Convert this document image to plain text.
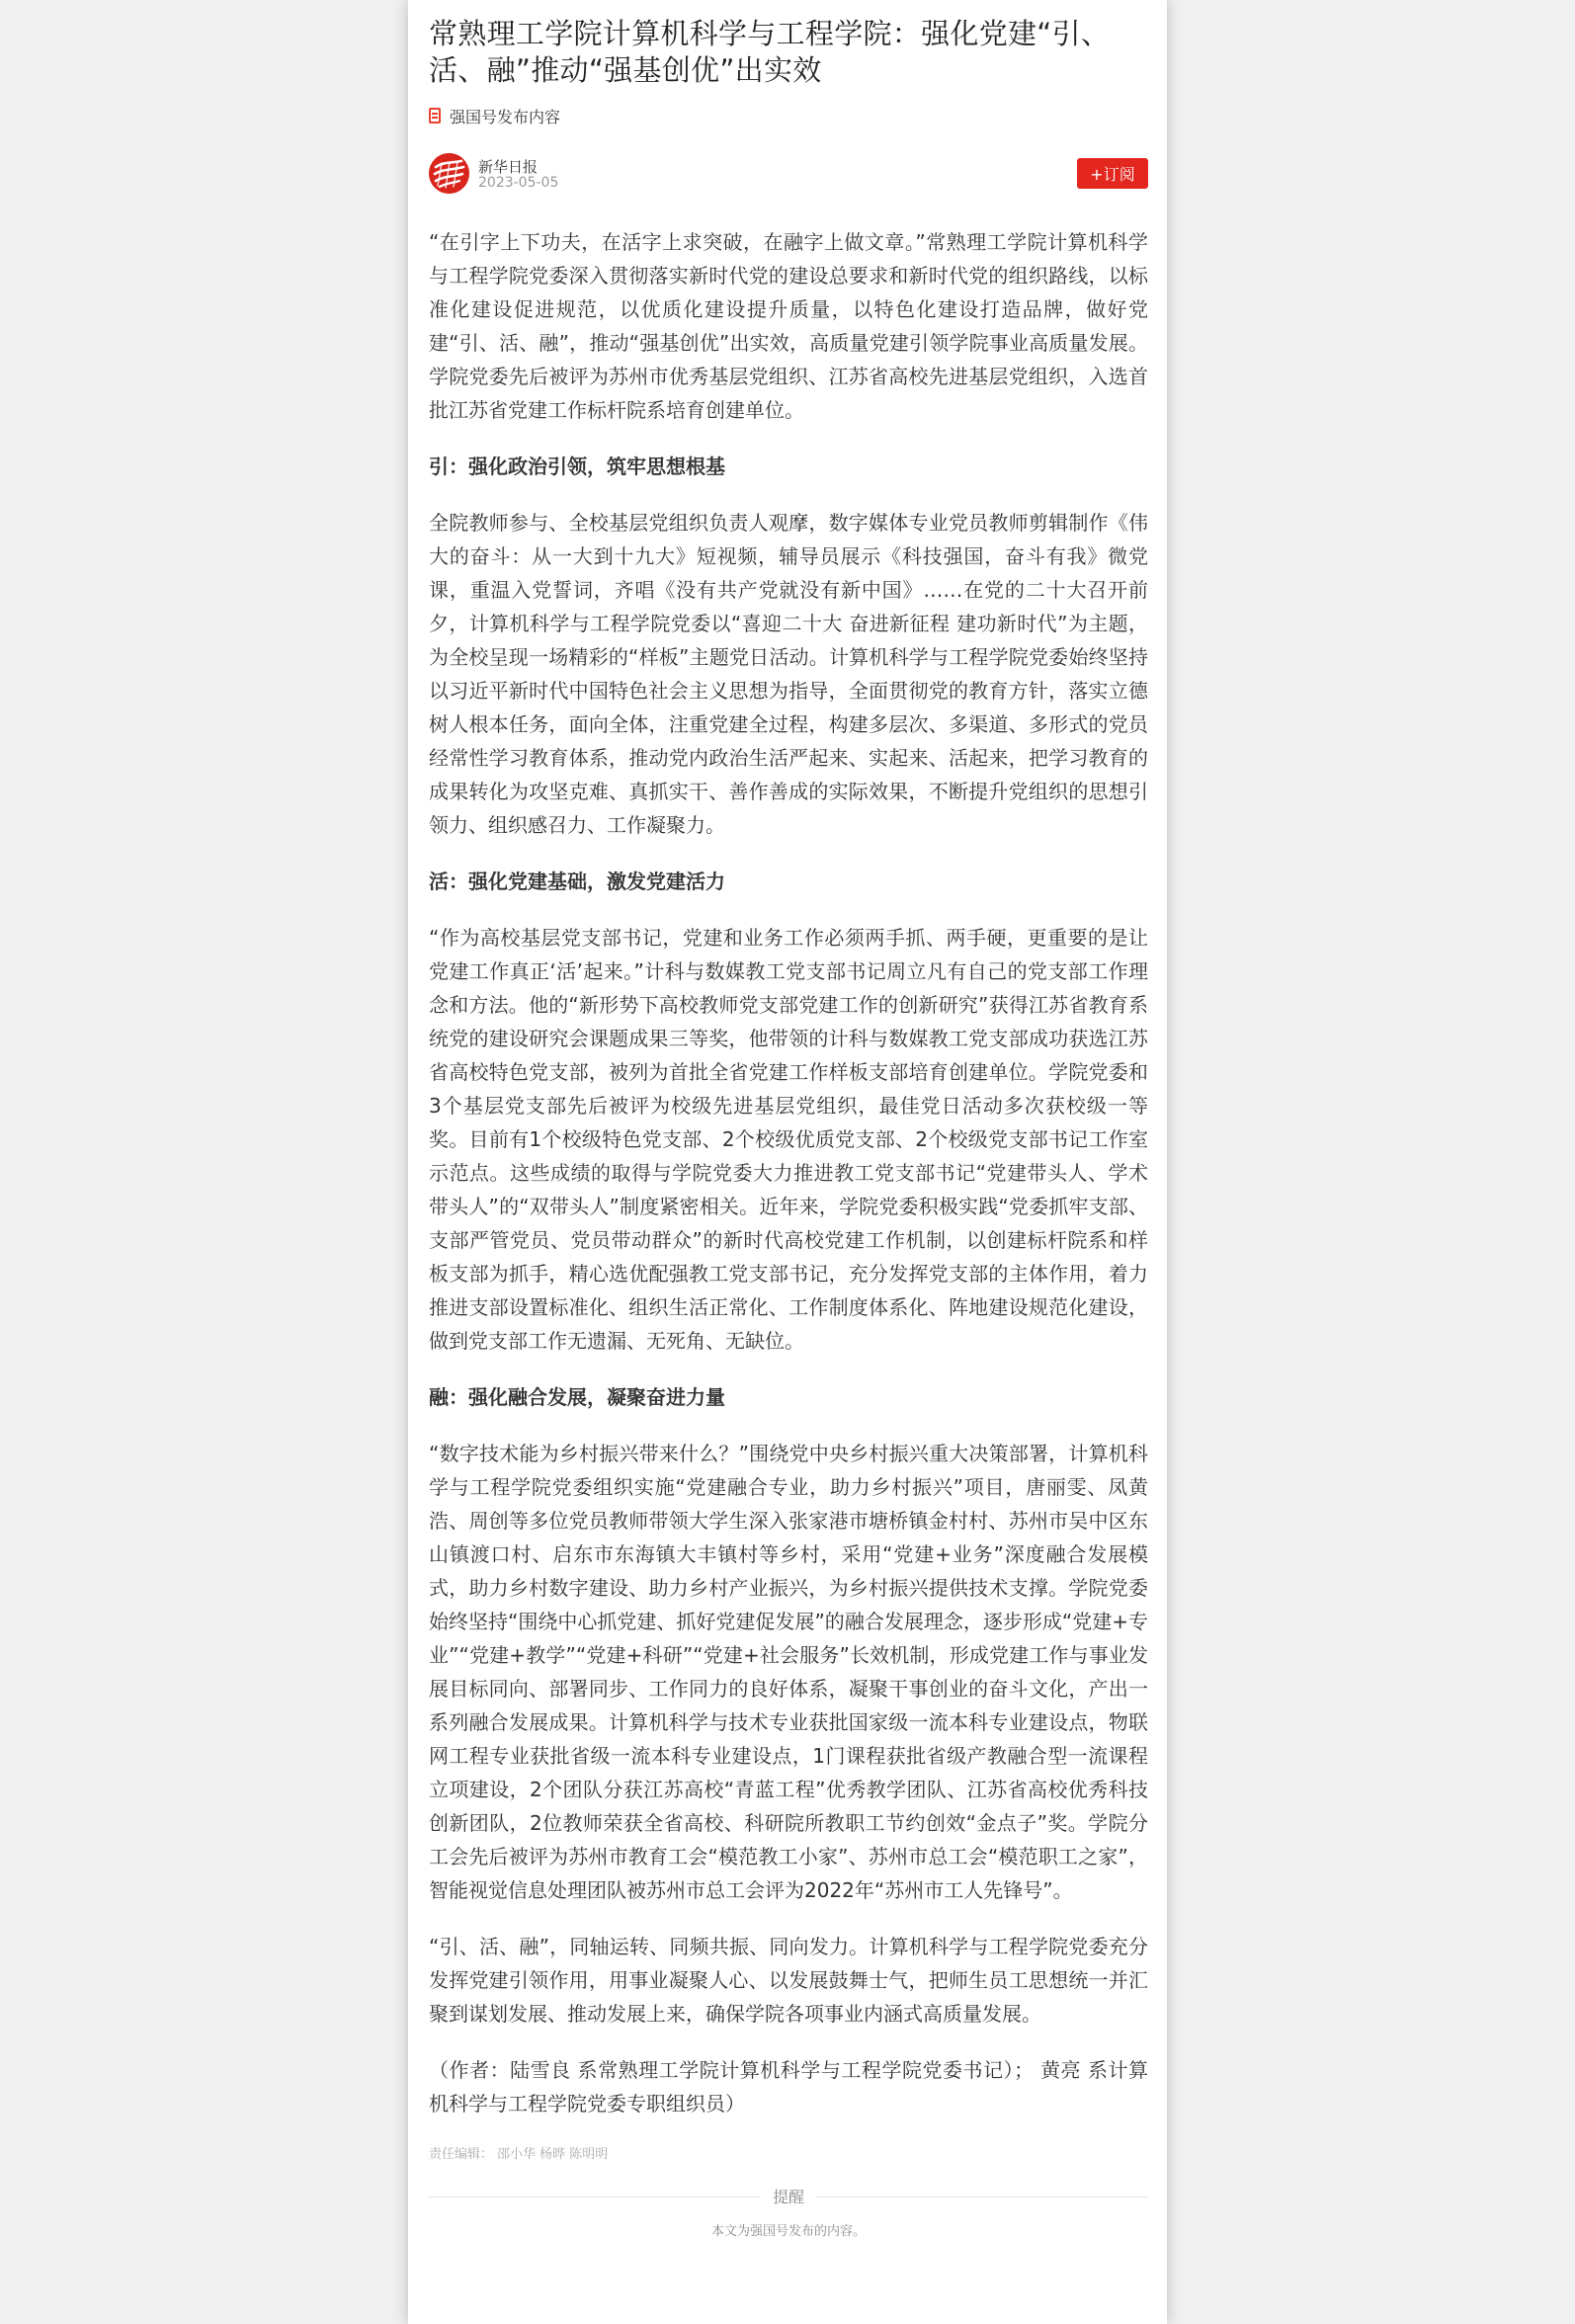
常熟理工学院计算机科学与工程学院：强化党建“引、活、融”推动“强基创优”出实效
强国号发布内容
新华日报
2023-05-05	+订阅

“在引字上下功夫，在活字上求突破，在融字上做文章。”常熟理工学院计算机科学与工程学院党委深入贯彻落实新时代党的建设总要求和新时代党的组织路线，以标准化建设促进规范，以优质化建设提升质量，以特色化建设打造品牌，做好党建“引、活、融”，推动“强基创优”出实效，高质量党建引领学院事业高质量发展。学院党委先后被评为苏州市优秀基层党组织、江苏省高校先进基层党组织，入选首批江苏省党建工作标杆院系培育创建单位。

引：强化政治引领，筑牢思想根基

全院教师参与、全校基层党组织负责人观摩，数字媒体专业党员教师剪辑制作《伟大的奋斗：从一大到十九大》短视频，辅导员展示《科技强国，奋斗有我》微党课，重温入党誓词，齐唱《没有共产党就没有新中国》……在党的二十大召开前夕，计算机科学与工程学院党委以“喜迎二十大 奋进新征程 建功新时代”为主题，为全校呈现一场精彩的“样板”主题党日活动。计算机科学与工程学院党委始终坚持以习近平新时代中国特色社会主义思想为指导，全面贯彻党的教育方针，落实立德树人根本任务，面向全体，注重党建全过程，构建多层次、多渠道、多形式的党员经常性学习教育体系，推动党内政治生活严起来、实起来、活起来，把学习教育的成果转化为攻坚克难、真抓实干、善作善成的实际效果，不断提升党组织的思想引领力、组织感召力、工作凝聚力。

活：强化党建基础，激发党建活力

“作为高校基层党支部书记，党建和业务工作必须两手抓、两手硬，更重要的是让党建工作真正‘活’起来。”计科与数媒教工党支部书记周立凡有自己的党支部工作理念和方法。他的“新形势下高校教师党支部党建工作的创新研究”获得江苏省教育系统党的建设研究会课题成果三等奖，他带领的计科与数媒教工党支部成功获选江苏省高校特色党支部，被列为首批全省党建工作样板支部培育创建单位。学院党委和3个基层党支部先后被评为校级先进基层党组织，最佳党日活动多次获校级一等奖。目前有1个校级特色党支部、2个校级优质党支部、2个校级党支部书记工作室示范点。这些成绩的取得与学院党委大力推进教工党支部书记“党建带头人、学术带头人”的“双带头人”制度紧密相关。近年来，学院党委积极实践“党委抓牢支部、支部严管党员、党员带动群众”的新时代高校党建工作机制，以创建标杆院系和样板支部为抓手，精心选优配强教工党支部书记，充分发挥党支部的主体作用，着力推进支部设置标准化、组织生活正常化、工作制度体系化、阵地建设规范化建设，做到党支部工作无遗漏、无死角、无缺位。

融：强化融合发展，凝聚奋进力量

“数字技术能为乡村振兴带来什么？”围绕党中央乡村振兴重大决策部署，计算机科学与工程学院党委组织实施“党建融合专业，助力乡村振兴”项目，唐丽雯、凤黄浩、周创等多位党员教师带领大学生深入张家港市塘桥镇金村村、苏州市吴中区东山镇渡口村、启东市东海镇大丰镇村等乡村，采用“党建+业务”深度融合发展模式，助力乡村数字建设、助力乡村产业振兴，为乡村振兴提供技术支撑。学院党委始终坚持“围绕中心抓党建、抓好党建促发展”的融合发展理念，逐步形成“党建+专业”“党建+教学”“党建+科研”“党建+社会服务”长效机制，形成党建工作与事业发展目标同向、部署同步、工作同力的良好体系，凝聚干事创业的奋斗文化，产出一系列融合发展成果。计算机科学与技术专业获批国家级一流本科专业建设点，物联网工程专业获批省级一流本科专业建设点，1门课程获批省级产教融合型一流课程立项建设，2个团队分获江苏高校“青蓝工程”优秀教学团队、江苏省高校优秀科技创新团队，2位教师荣获全省高校、科研院所教职工节约创效“金点子”奖。学院分工会先后被评为苏州市教育工会“模范教工小家”、苏州市总工会“模范职工之家”，智能视觉信息处理团队被苏州市总工会评为2022年“苏州市工人先锋号”。

“引、活、融”，同轴运转、同频共振、同向发力。计算机科学与工程学院党委充分发挥党建引领作用，用事业凝聚人心、以发展鼓舞士气，把师生员工思想统一并汇聚到谋划发展、推动发展上来，确保学院各项事业内涵式高质量发展。

（作者：陆雪良 系常熟理工学院计算机科学与工程学院党委书记）； 黄亮 系计算机科学与工程学院党委专职组织员）

责任编辑： 邵小华 杨晔 陈明明
提醒
本文为强国号发布的内容。
